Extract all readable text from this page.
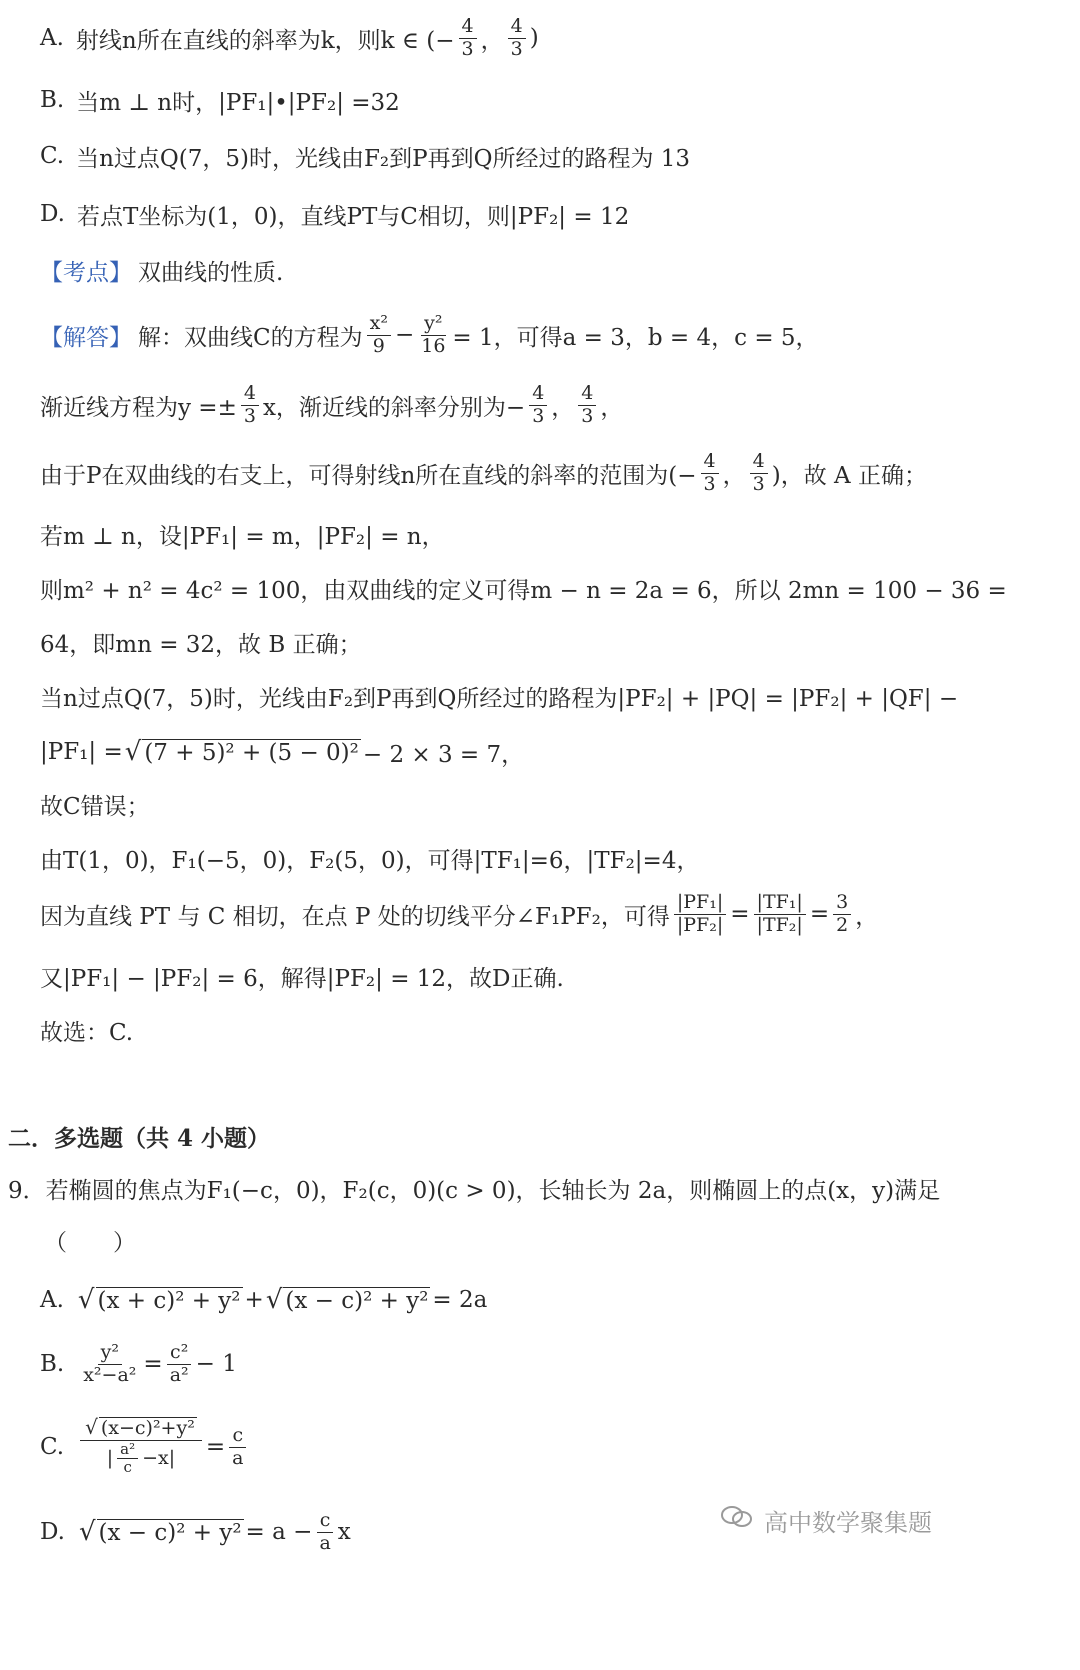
A. 射线n所在直线的斜率为k，则k ∈ (− $\frac{4}{3}$ ， $\frac{4}{3}$ )
B. 当m ⊥ n时，|PF₁|•|PF₂| =32
C. 当n过点Q(7，5)时，光线由F₂到P再到Q所经过的路程为 13
D. 若点T坐标为(1，0)，直线PT与C相切，则|PF₂| = 12
【考点】 双曲线的性质.
【解答】 解：双曲线C的方程为 $\frac{\text{x²}}{9} - \frac{\text{y²}}{16} = 1$，可得a = 3，b = 4，c = 5，
渐近线方程为$y =\pm \frac{4}{3}$ x，渐近线的斜率分别为− $\frac{4}{3}$ ， $\frac{4}{3}$ ，
由于P在双曲线的右支上，可得射线n所在直线的斜率的范围为(− $\frac{4}{3}$ ， $\frac{4}{3}$ )，故 A 正确；
若m ⊥ n，设|PF₁| = m，|PF₂| = n，
则m² + n² = 4c² = 100，由双曲线的定义可得m − n = 2a = 6，所以 2mn = 100 − 36 =
64，即mn = 32，故 B 正确；
当n过点Q(7，5)时，光线由F₂到P再到Q所经过的路程为|PF₂| + |PQ| = |PF₂| + |QF| −
|PF₁| = √ (7 + 5)² + (5 − 0)² − 2 × 3 = 7，
故C错误；
由T(1，0)，F₁(−5，0)，F₂(5，0)，可得|TF₁|=6，|TF₂|=4，
因为直线 PT 与 C 相切，在点 P 处的切线平分∠F₁PF₂，可得 $\frac{\text{|PF₁|}}{\text{|PF₂|}} = \frac{\text{|TF₁|}}{\text{|TF₂|}} = \frac{3}{2}$ ，
又|PF₁| − |PF₂| = 6，解得|PF₂| = 12，故D正确.
故选：C.
二．多选题（共 4 小题）
9．若椭圆的焦点为F₁(−c，0)，F₂(c，0)(c > 0)，长轴长为 2a，则椭圆上的点(x，y)满足
（　　）
A. √ (x + c)² + y² + √ (x − c)² + y² = 2a
B. $\frac{\text{y²}}{\text{x²−a²}} = \frac{\text{c²}}{\text{a²}} - 1$
C. $\frac{\text{√ (x−c)²+y²}}{| \frac{\text{a²}}{c} -x|} = \frac{c}{a}$
D. √ $(x - c)^2 + y^2 = a - \frac{c}{a}$ x	高中数学聚集题
